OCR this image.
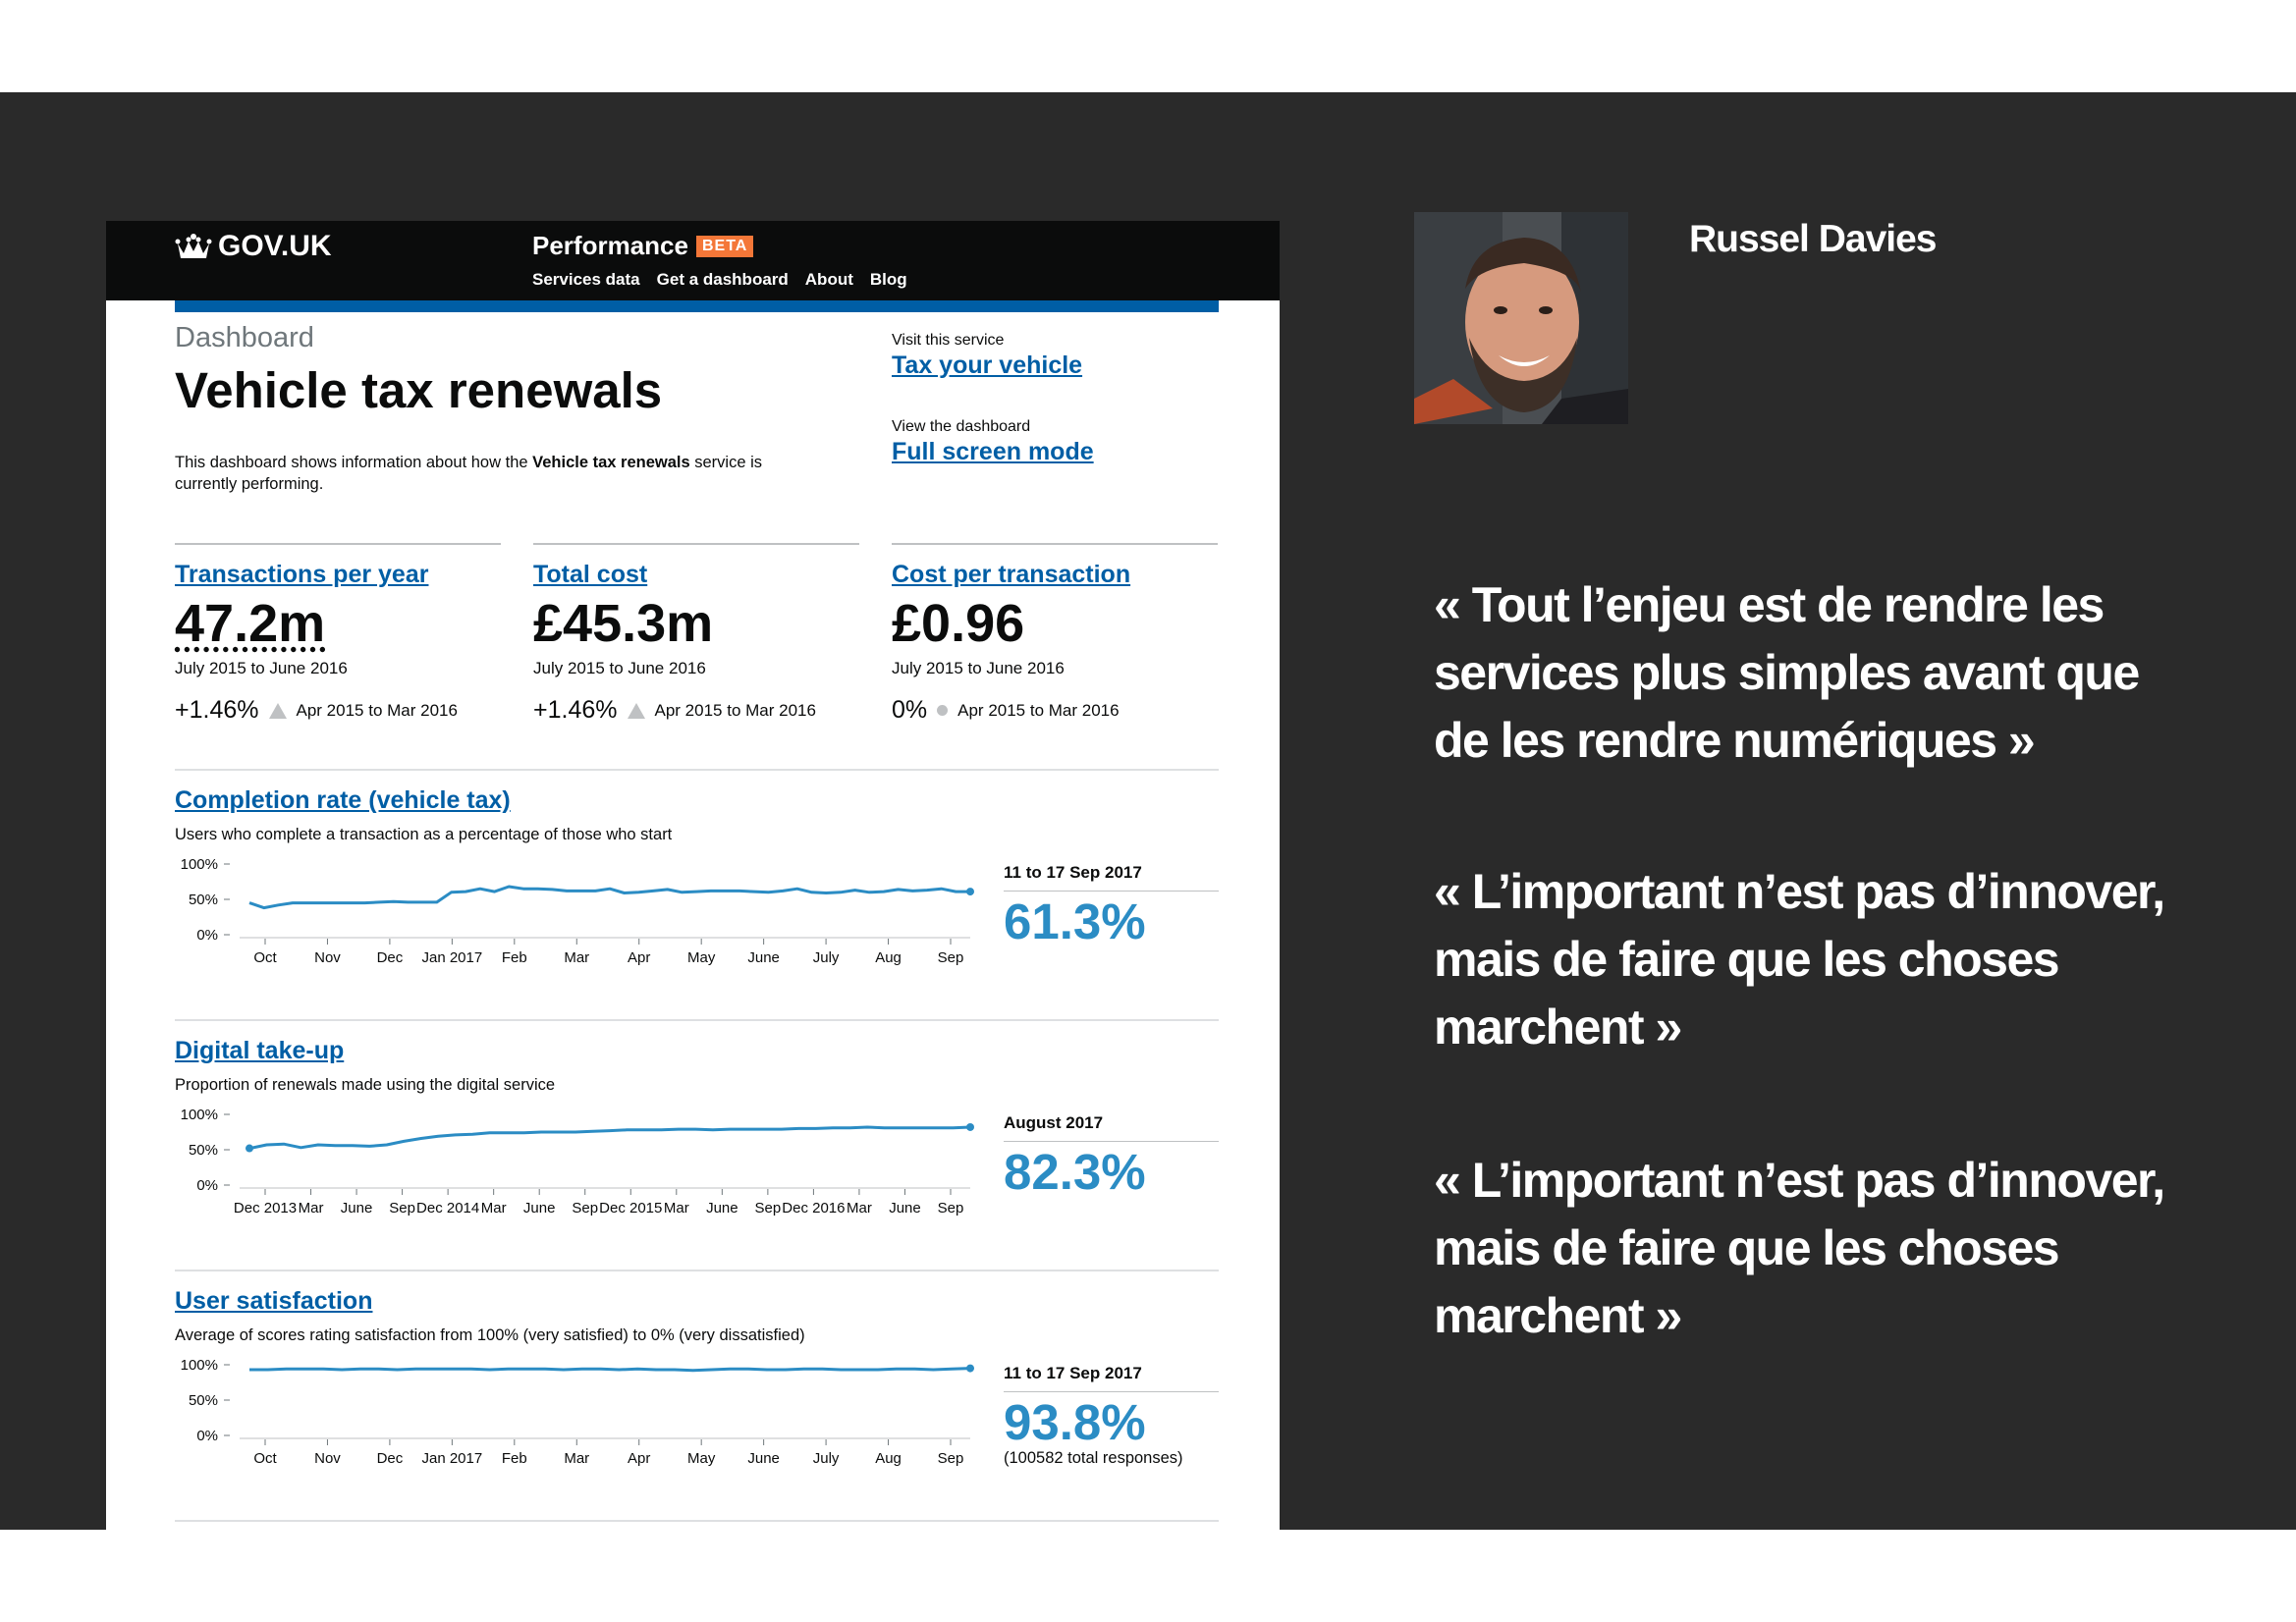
GOV.UK	Performance BETA
Services data Get a dashboard About Blog
Dashboard
Vehicle tax renewals
This dashboard shows information about how the Vehicle tax renewals service is currently performing.
Visit this service
Tax your vehicle
View the dashboard
Full screen mode
Transactions per year
47.2m
July 2015 to June 2016
+1.46% Apr 2015 to Mar 2016
Total cost
£45.3m
July 2015 to June 2016
+1.46% Apr 2015 to Mar 2016
Cost per transaction
£0.96
July 2015 to June 2016
0% Apr 2015 to Mar 2016
Completion rate (vehicle tax)
Users who complete a transaction as a percentage of those who start
100%
50%
0%
Oct	Nov Dec Jan 2017 Feb	Mar	Apr	May June July Aug Sep
11 to 17 Sep 2017
61.3%
Digital take-up
Proportion of renewals made using the digital service
100%
50%
0%
Dec 2013 Mar June Sep Dec 2014 Mar June Sep Dec 2015 Mar June Sep Dec 2016 Mar June Sep
August 2017
82.3%
User satisfaction
Average of scores rating satisfaction from 100% (very satisfied) to 0% (very dissatisfied)
100%
50%
0%
Oct	Nov Dec Jan 2017 Feb	Mar	Apr	May June July Aug Sep
11 to 17 Sep 2017
93.8%
(100582 total responses)
Russel Davies
« Tout l’enjeu est de rendre les services plus simples avant que de les rendre numériques »
« L’important n’est pas d’innover, mais de faire que les choses marchent »
« L’important n’est pas d’innover, mais de faire que les choses marchent »
